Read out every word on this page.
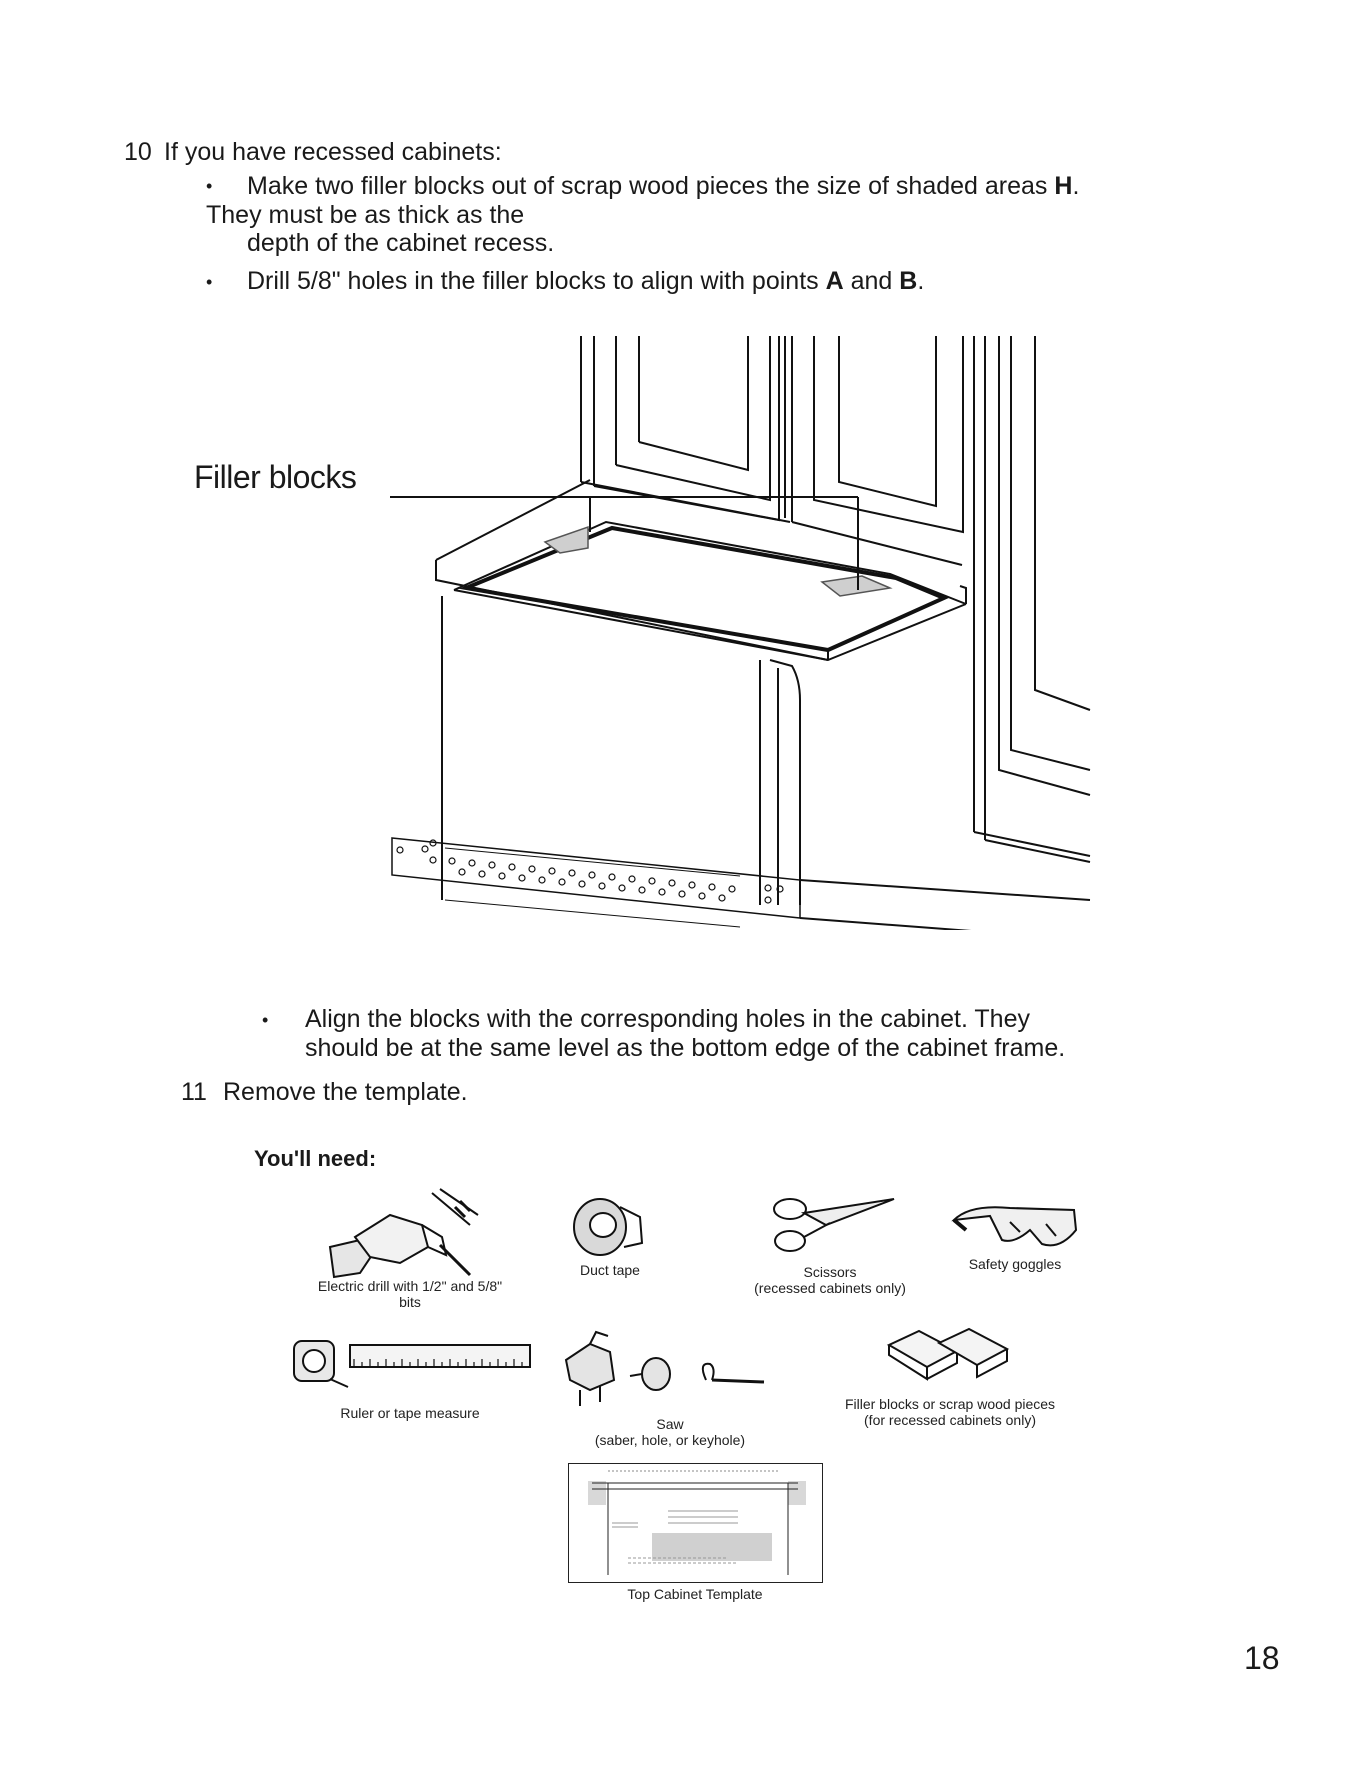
10 If you have recessed cabinets:
• Make two filler blocks out of scrap wood pieces the size of shaded areas H.
They must be as thick as the
depth of the cabinet recess.
• Drill 5/8" holes in the filler blocks to align with points A and B.
Filler blocks
• Align the blocks with the corresponding holes in the cabinet. They
should be at the same level as the bottom edge of the cabinet frame.
11 Remove the template.
You'll need:
Electric drill with 1/2" and 5/8"
bits
Duct tape	Scissors
(recessed cabinets only)
Safety goggles
Ruler or tape measure
Saw
(saber, hole, or keyhole)
Filler blocks or scrap wood pieces
(for recessed cabinets only)
Top Cabinet Template
18
